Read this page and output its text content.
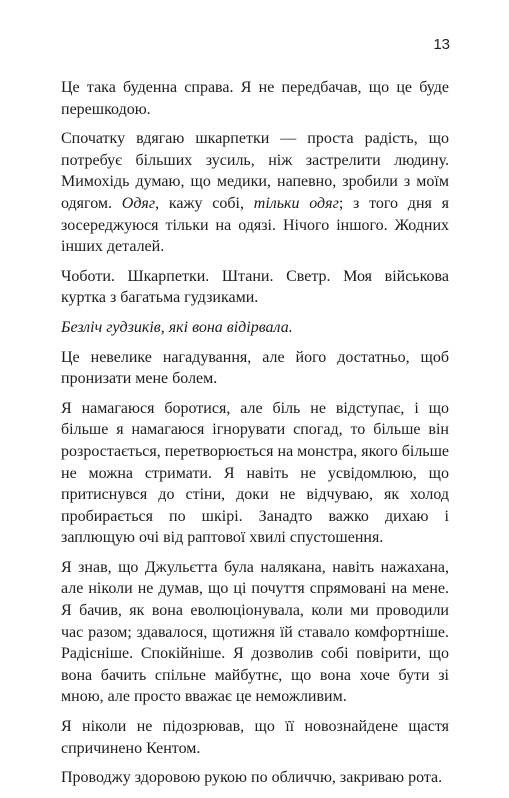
13

Це така буденна справа. Я не передбачав, що це буде перешкодою.

Спочатку вдягаю шкарпетки — проста радість, що потребує більших зусиль, ніж застрелити людину. Мимохідь думаю, що медики, напевно, зробили з моїм одягом. Одяг, кажу собі, тільки одяг; з того дня я зосереджуюся тільки на одязі. Нічого іншого. Жодних інших деталей.

Чоботи. Шкарпетки. Штани. Светр. Моя військова куртка з багатьма гудзиками.

Безліч гудзиків, які вона відірвала.

Це невелике нагадування, але його достатньо, щоб пронизати мене болем.

Я намагаюся боротися, але біль не відступає, і що більше я намагаюся ігнорувати спогад, то більше він розростається, перетворюється на монстра, якого більше не можна стримати. Я навіть не усвідомлюю, що притиснувся до стіни, доки не відчуваю, як холод пробирається по шкірі. Занадто важко дихаю і заплющую очі від раптової хвилі спустошення.

Я знав, що Джульєтта була налякана, навіть нажахана, але ніколи не думав, що ці почуття спрямовані на мене. Я бачив, як вона еволюціонувала, коли ми проводили час разом; здавалося, щотижня їй ставало комфортніше. Радісніше. Спокійніше. Я дозволив собі повірити, що вона бачить спільне майбутнє, що вона хоче бути зі мною, але просто вважає це неможливим.

Я ніколи не підозрював, що її новознайдене щастя спричинено Кентом.

Проводжу здоровою рукою по обличчю, закриваю рота.
